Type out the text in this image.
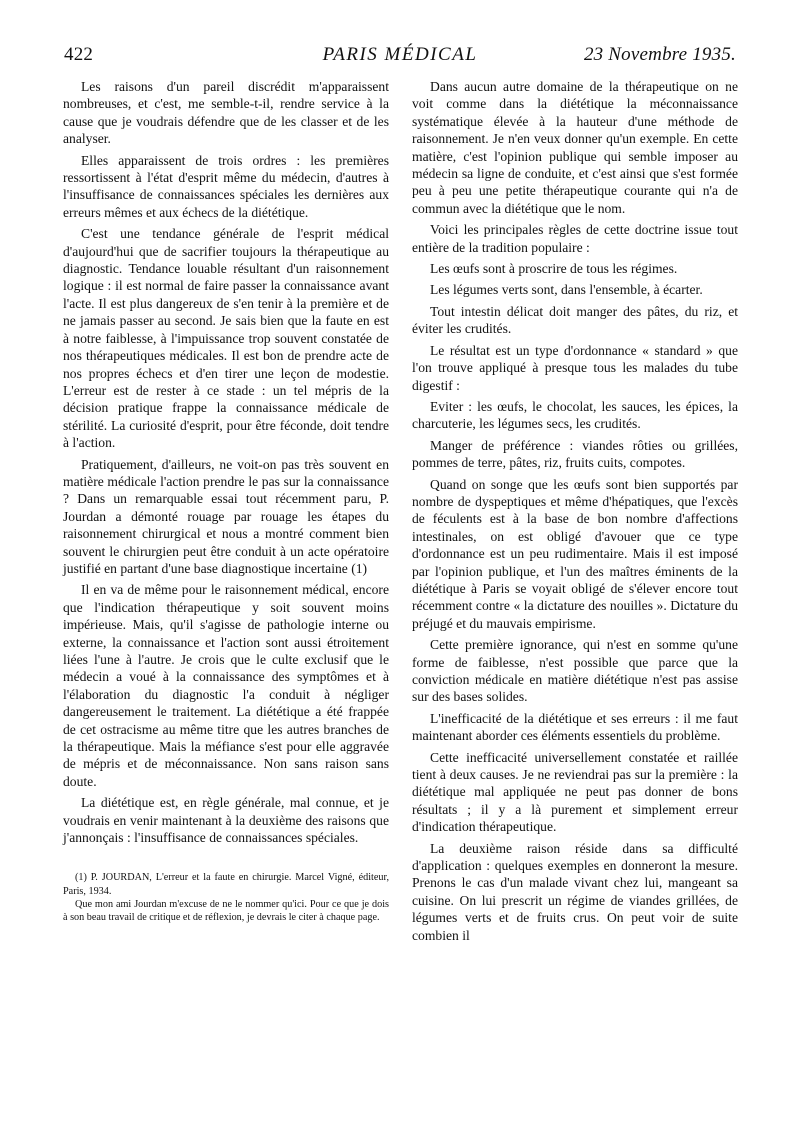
422	PARIS MÉDICAL	23 Novembre 1935.

Les raisons d'un pareil discrédit m'apparaissent nombreuses, et c'est, me semble-t-il, rendre service à la cause que je voudrais défendre que de les classer et de les analyser.

Elles apparaissent de trois ordres : les premières ressortissent à l'état d'esprit même du médecin, d'autres à l'insuffisance de connaissances spéciales les dernières aux erreurs mêmes et aux échecs de la diététique.

C'est une tendance générale de l'esprit médical d'aujourd'hui que de sacrifier toujours la thérapeutique au diagnostic. Tendance louable résultant d'un raisonnement logique : il est normal de faire passer la connaissance avant l'acte. Il est plus dangereux de s'en tenir à la première et de ne jamais passer au second. Je sais bien que la faute en est à notre faiblesse, à l'impuissance trop souvent constatée de nos thérapeutiques médicales. Il est bon de prendre acte de nos propres échecs et d'en tirer une leçon de modestie. L'erreur est de rester à ce stade : un tel mépris de la décision pratique frappe la connaissance médicale de stérilité. La curiosité d'esprit, pour être féconde, doit tendre à l'action.

Pratiquement, d'ailleurs, ne voit-on pas très souvent en matière médicale l'action prendre le pas sur la connaissance ? Dans un remarquable essai tout récemment paru, P. Jourdan a démonté rouage par rouage les étapes du raisonnement chirurgical et nous a montré comment bien souvent le chirurgien peut être conduit à un acte opératoire justifié en partant d'une base diagnostique incertaine (1)

Il en va de même pour le raisonnement médical, encore que l'indication thérapeutique y soit souvent moins impérieuse. Mais, qu'il s'agisse de pathologie interne ou externe, la connaissance et l'action sont aussi étroitement liées l'une à l'autre. Je crois que le culte exclusif que le médecin a voué à la connaissance des symptômes et à l'élaboration du diagnostic l'a conduit à négliger dangereusement le traitement. La diététique a été frappée de cet ostracisme au même titre que les autres branches de la thérapeutique. Mais la méfiance s'est pour elle aggravée de mépris et de méconnaissance. Non sans raison sans doute.

La diététique est, en règle générale, mal connue, et je voudrais en venir maintenant à la deuxième des raisons que j'annonçais : l'insuffisance de connaissances spéciales.

(1) P. JOURDAN, L'erreur et la faute en chirurgie. Marcel Vigné, éditeur, Paris, 1934.

Que mon ami Jourdan m'excuse de ne le nommer qu'ici. Pour ce que je dois à son beau travail de critique et de réflexion, je devrais le citer à chaque page.

Dans aucun autre domaine de la thérapeutique on ne voit comme dans la diététique la méconnaissance systématique élevée à la hauteur d'une méthode de raisonnement. Je n'en veux donner qu'un exemple. En cette matière, c'est l'opinion publique qui semble imposer au médecin sa ligne de conduite, et c'est ainsi que s'est formée peu à peu une petite thérapeutique courante qui n'a de commun avec la diététique que le nom.

Voici les principales règles de cette doctrine issue tout entière de la tradition populaire :

Les œufs sont à proscrire de tous les régimes.

Les légumes verts sont, dans l'ensemble, à écarter.

Tout intestin délicat doit manger des pâtes, du riz, et éviter les crudités.

Le résultat est un type d'ordonnance « standard » que l'on trouve appliqué à presque tous les malades du tube digestif :

Eviter : les œufs, le chocolat, les sauces, les épices, la charcuterie, les légumes secs, les crudités.

Manger de préférence : viandes rôties ou grillées, pommes de terre, pâtes, riz, fruits cuits, compotes.

Quand on songe que les œufs sont bien supportés par nombre de dyspeptiques et même d'hépatiques, que l'excès de féculents est à la base de bon nombre d'affections intestinales, on est obligé d'avouer que ce type d'ordonnance est un peu rudimentaire. Mais il est imposé par l'opinion publique, et l'un des maîtres éminents de la diététique à Paris se voyait obligé de s'élever encore tout récemment contre « la dictature des nouilles ». Dictature du préjugé et du mauvais empirisme.

Cette première ignorance, qui n'est en somme qu'une forme de faiblesse, n'est possible que parce que la conviction médicale en matière diététique n'est pas assise sur des bases solides.

L'inefficacité de la diététique et ses erreurs : il me faut maintenant aborder ces éléments essentiels du problème.

Cette inefficacité universellement constatée et raillée tient à deux causes. Je ne reviendrai pas sur la première : la diététique mal appliquée ne peut pas donner de bons résultats ; il y a là purement et simplement erreur d'indication thérapeutique.

La deuxième raison réside dans sa difficulté d'application : quelques exemples en donneront la mesure. Prenons le cas d'un malade vivant chez lui, mangeant sa cuisine. On lui prescrit un régime de viandes grillées, de légumes verts et de fruits crus. On peut voir de suite combien il
